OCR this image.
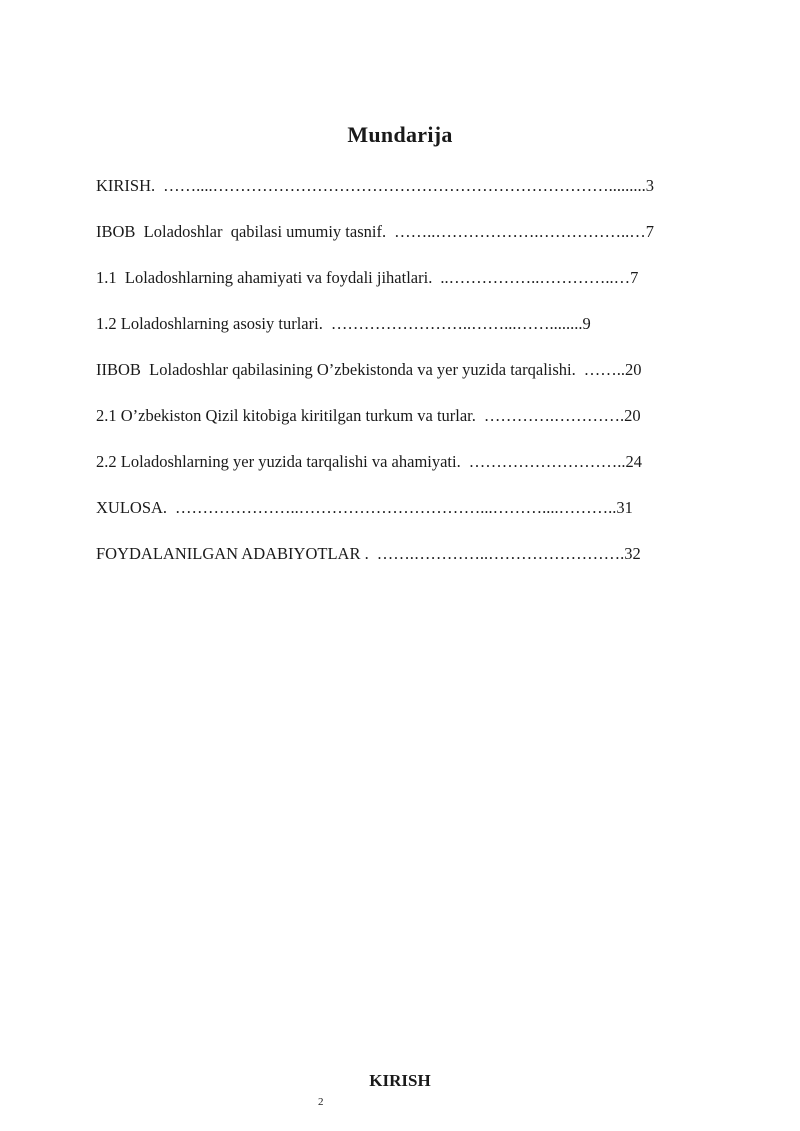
Mundarija
KIRISH. ……....……………………………………………………………….........3
IBOB  Loladoshlar  qabilasi umumiy tasnif. ……..……………….……………..…7
1.1  Loladoshlarning ahamiyati va foydali jihatlari. ..……………..…………..…7
1.2 Loladoshlarning asosiy turlari. ……………………..……...……........9
IIBOB  Loladoshlar qabilasining O’zbekistonda va yer yuzida tarqalishi. ……..20
2.1 O’zbekiston Qizil kitobiga kiritilgan turkum va turlar. ………….………….20
2.2 Loladoshlarning yer yuzida tarqalishi va ahamiyati. ………………………..24
XULOSA. …………………..……………………………...………....………..31
FOYDALANILGAN ADABIYOTLAR . …….…………..…………………….32
KIRISH
2
